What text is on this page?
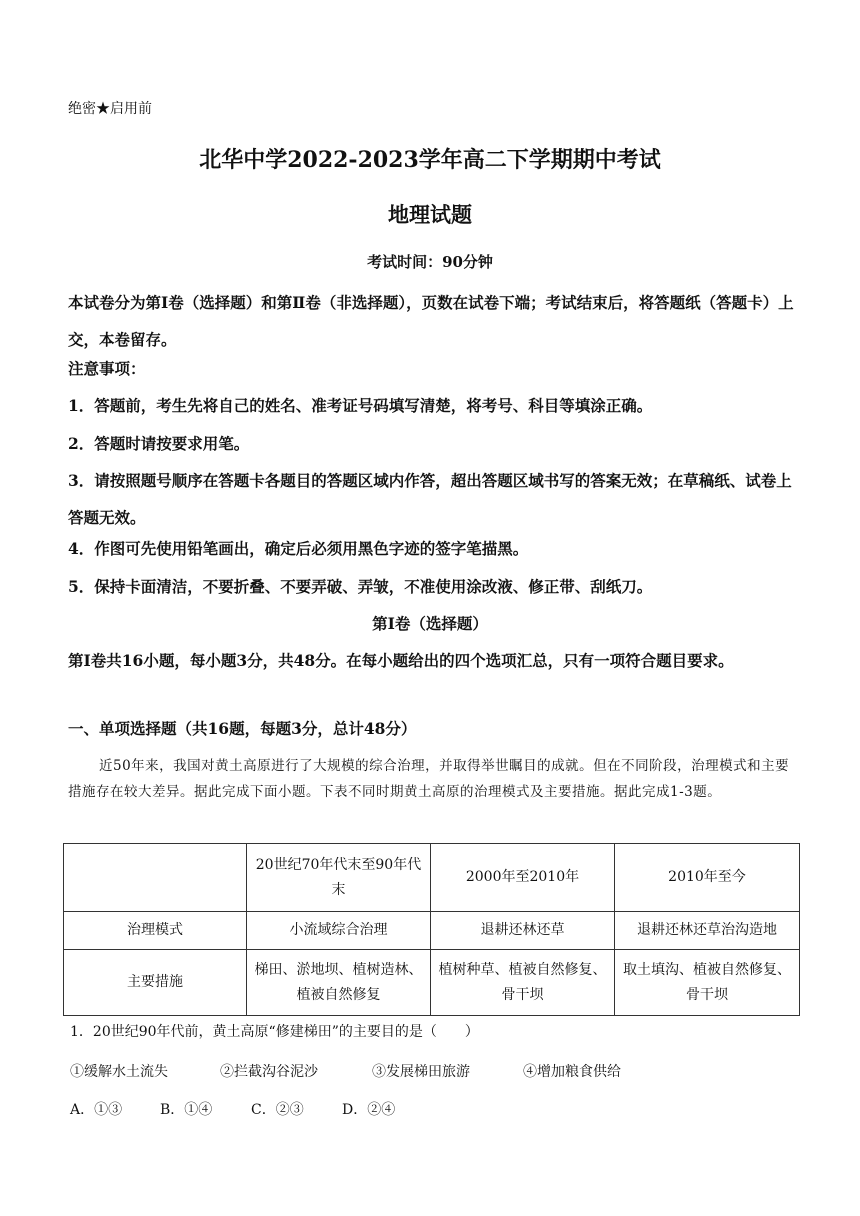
绝密★启用前
北华中学2022-2023学年高二下学期期中考试
地理试题
考试时间：90分钟
本试卷分为第Ⅰ卷（选择题）和第Ⅱ卷（非选择题），页数在试卷下端；考试结束后，将答题纸（答题卡）上交，本卷留存。
注意事项：
1．答题前，考生先将自己的姓名、准考证号码填写清楚，将考号、科目等填涂正确。
2．答题时请按要求用笔。
3．请按照题号顺序在答题卡各题目的答题区域内作答，超出答题区域书写的答案无效；在草稿纸、试卷上答题无效。
4．作图可先使用铅笔画出，确定后必须用黑色字迹的签字笔描黑。
5．保持卡面清洁，不要折叠、不要弄破、弄皱，不准使用涂改液、修正带、刮纸刀。
第Ⅰ卷（选择题）
第Ⅰ卷共16小题，每小题3分，共48分。在每小题给出的四个选项汇总，只有一项符合题目要求。
一、单项选择题（共16题，每题3分，总计48分）
近50年来，我国对黄土高原进行了大规模的综合治理，并取得举世瞩目的成就。但在不同阶段，治理模式和主要措施存在较大差异。据此完成下面小题。下表不同时期黄土高原的治理模式及主要措施。据此完成1-3题。
	20世纪70年代末至90年代末	2000年至2010年	2010年至今
治理模式	小流域综合治理	退耕还林还草	退耕还林还草治沟造地
主要措施	梯田、淤地坝、植树造林、植被自然修复	植树种草、植被自然修复、骨干坝	取土填沟、植被自然修复、骨干坝
1．20世纪90年代前，黄土高原“修建梯田”的主要目的是（　　）
①缓解水土流失	②拦截沟谷泥沙	③发展梯田旅游	④增加粮食供给
A．①③	B．①④	C．②③	D．②④
